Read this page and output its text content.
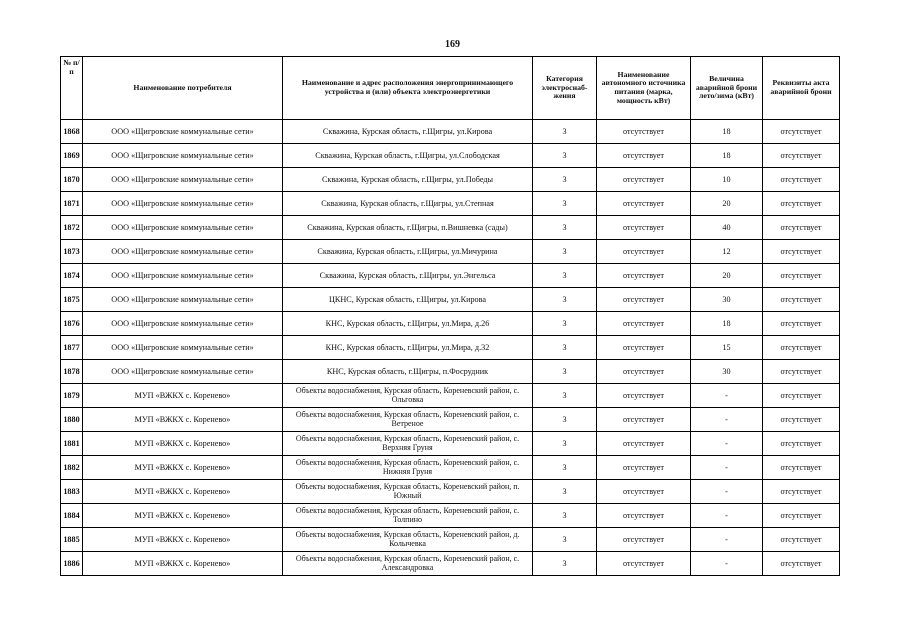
169
№ п/п	Наименование потребителя	Наименование и адрес расположения энергопринимающего устройства и (или) объекта электроэнергетики	Категория электроснаб-жения	Наименование автономного источника питания (марка, мощность кВт)	Величина аварийной брони лето/зима (кВт)	Реквизиты акта аварийной брони
1868	ООО «Щигровские коммунальные сети»	Скважина, Курская область, г.Щигры, ул.Кирова	3	отсутствует	18	отсутствует
1869	ООО «Щигровские коммунальные сети»	Скважина, Курская область, г.Щигры, ул.Слободская	3	отсутствует	18	отсутствует
1870	ООО «Щигровские коммунальные сети»	Скважина, Курская область, г.Щигры, ул.Победы	3	отсутствует	10	отсутствует
1871	ООО «Щигровские коммунальные сети»	Скважина, Курская область, г.Щигры, ул.Степная	3	отсутствует	20	отсутствует
1872	ООО «Щигровские коммунальные сети»	Скважина, Курская область, г.Щигры, п.Вишневка (сады)	3	отсутствует	40	отсутствует
1873	ООО «Щигровские коммунальные сети»	Скважина, Курская область, г.Щигры, ул.Мичурина	3	отсутствует	12	отсутствует
1874	ООО «Щигровские коммунальные сети»	Скважина, Курская область, г.Щигры, ул.Энгельса	3	отсутствует	20	отсутствует
1875	ООО «Щигровские коммунальные сети»	ЦКНС, Курская область, г.Щигры, ул.Кирова	3	отсутствует	30	отсутствует
1876	ООО «Щигровские коммунальные сети»	КНС, Курская область, г.Щигры, ул.Мира, д.26	3	отсутствует	18	отсутствует
1877	ООО «Щигровские коммунальные сети»	КНС, Курская область, г.Щигры, ул.Мира, д.32	3	отсутствует	15	отсутствует
1878	ООО «Щигровские коммунальные сети»	КНС, Курская область, г.Щигры, п.Фосрудник	3	отсутствует	30	отсутствует
1879	МУП «ВЖКХ с. Коренево»	Объекты водоснабжения, Курская область, Кореневский район, с. Ольговка	3	отсутствует	-	отсутствует
1880	МУП «ВЖКХ с. Коренево»	Объекты водоснабжения, Курская область, Кореневский район, с. Ветреное	3	отсутствует	-	отсутствует
1881	МУП «ВЖКХ с. Коренево»	Объекты водоснабжения, Курская область, Кореневский район, с. Верхняя Груня	3	отсутствует	-	отсутствует
1882	МУП «ВЖКХ с. Коренево»	Объекты водоснабжения, Курская область, Кореневский район, с. Нижняя Груня	3	отсутствует	-	отсутствует
1883	МУП «ВЖКХ с. Коренево»	Объекты водоснабжения, Курская область, Кореневский район, п. Южный	3	отсутствует	-	отсутствует
1884	МУП «ВЖКХ с. Коренево»	Объекты водоснабжения, Курская область, Кореневский район, с. Толпино	3	отсутствует	-	отсутствует
1885	МУП «ВЖКХ с. Коренево»	Объекты водоснабжения, Курская область, Кореневский район, д. Колычевка	3	отсутствует	-	отсутствует
1886	МУП «ВЖКХ с. Коренево»	Объекты водоснабжения, Курская область, Кореневский район, с. Александровка	3	отсутствует	-	отсутствует
